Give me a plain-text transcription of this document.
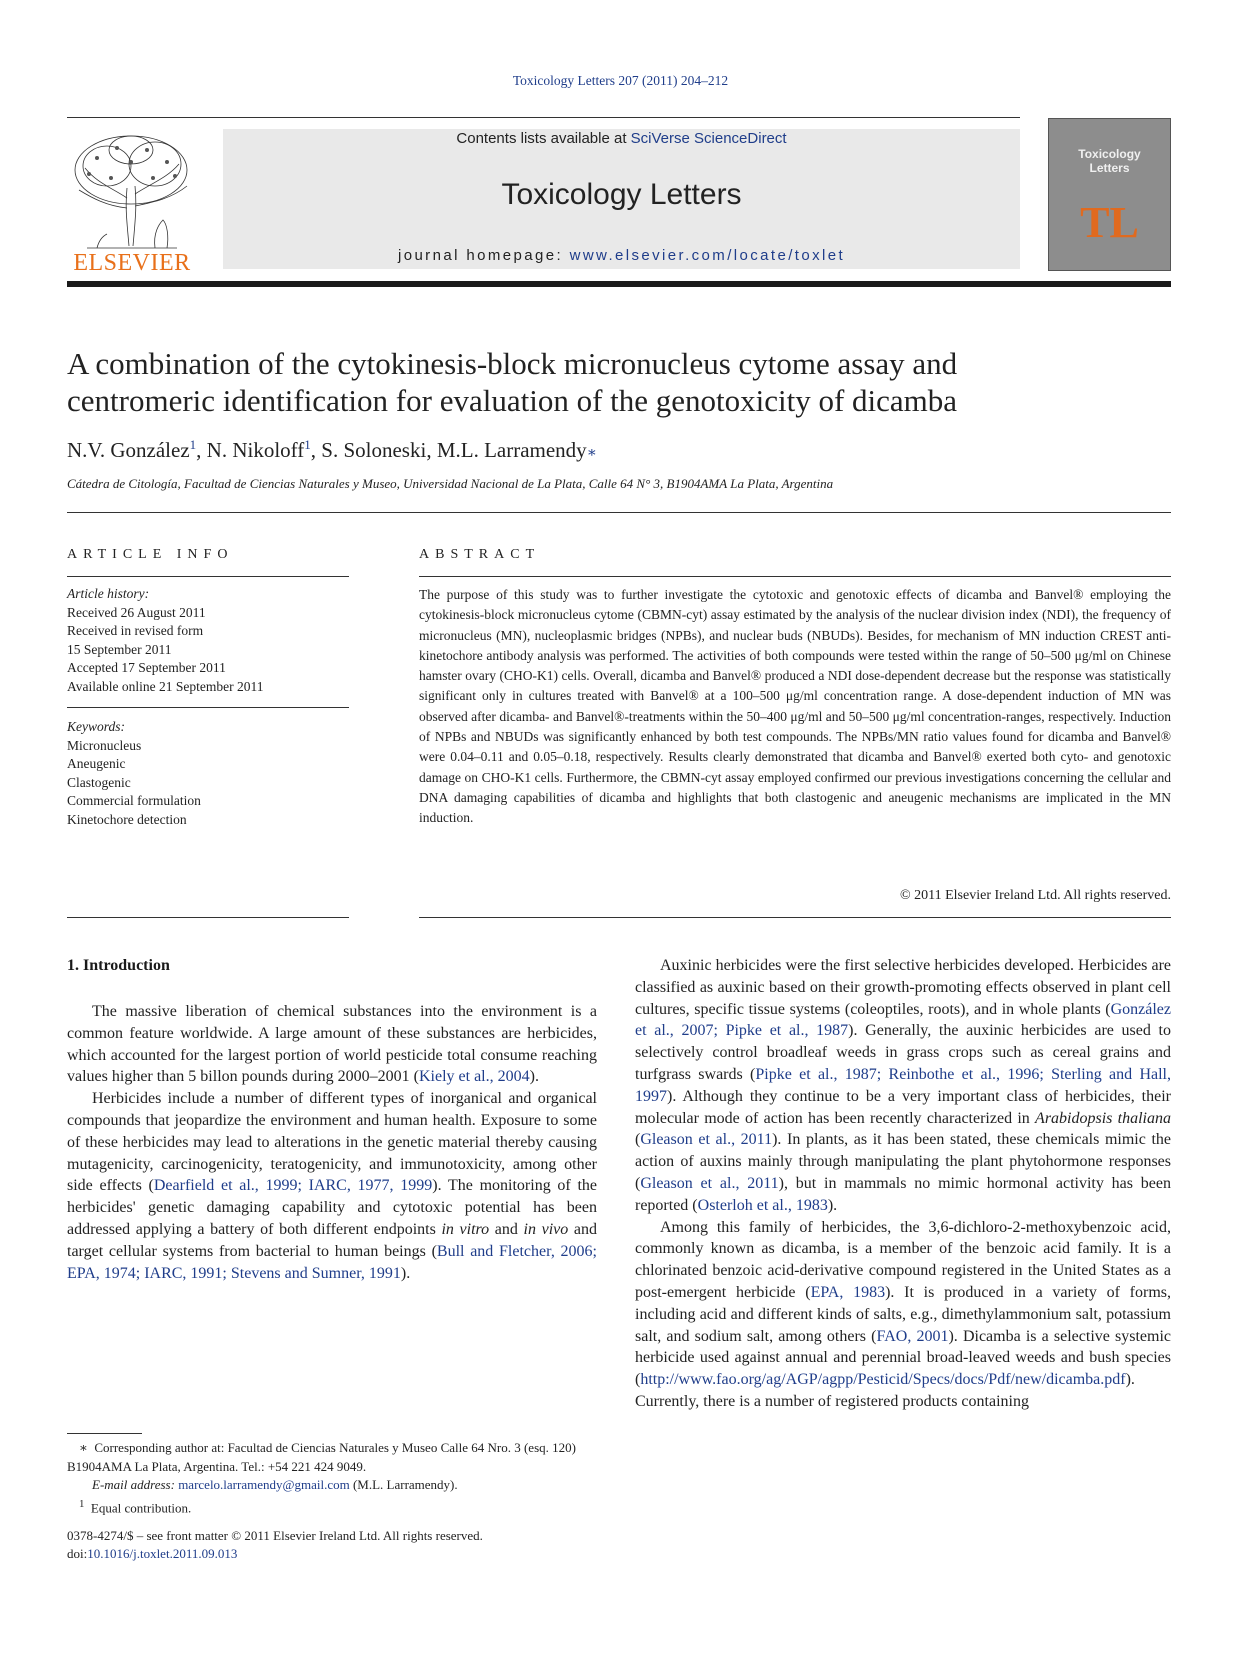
Toxicology Letters 207 (2011) 204–212
ELSEVIER
Contents lists available at SciVerse ScienceDirect
Toxicology Letters
journal homepage: www.elsevier.com/locate/toxlet
Toxicology
Letters
TL
A combination of the cytokinesis-block micronucleus cytome assay and
centromeric identification for evaluation of the genotoxicity of dicamba
N.V. González$^1$, N. Nikoloff$^1$, S. Soloneski, M.L. Larramendy∗
Cátedra de Citología, Facultad de Ciencias Naturales y Museo, Universidad Nacional de La Plata, Calle 64 N° 3, B1904AMA La Plata, Argentina
ARTICLE INFO
Article history:
Received 26 August 2011
Received in revised form
15 September 2011
Accepted 17 September 2011
Available online 21 September 2011
Keywords:
Micronucleus
Aneugenic
Clastogenic
Commercial formulation
Kinetochore detection
ABSTRACT
The purpose of this study was to further investigate the cytotoxic and genotoxic effects of dicamba and Banvel® employing the cytokinesis-block micronucleus cytome (CBMN-cyt) assay estimated by the analysis of the nuclear division index (NDI), the frequency of micronucleus (MN), nucleoplasmic bridges (NPBs), and nuclear buds (NBUDs). Besides, for mechanism of MN induction CREST anti-kinetochore antibody analysis was performed. The activities of both compounds were tested within the range of 50–500 μg/ml on Chinese hamster ovary (CHO-K1) cells. Overall, dicamba and Banvel® produced a NDI dose-dependent decrease but the response was statistically significant only in cultures treated with Banvel® at a 100–500 μg/ml concentration range. A dose-dependent induction of MN was observed after dicamba- and Banvel®-treatments within the 50–400 μg/ml and 50–500 μg/ml concentration-ranges, respectively. Induction of NPBs and NBUDs was significantly enhanced by both test compounds. The NPBs/MN ratio values found for dicamba and Banvel® were 0.04–0.11 and 0.05–0.18, respectively. Results clearly demonstrated that dicamba and Banvel® exerted both cyto- and genotoxic damage on CHO-K1 cells. Furthermore, the CBMN-cyt assay employed confirmed our previous investigations concerning the cellular and DNA damaging capabilities of dicamba and highlights that both clastogenic and aneugenic mechanisms are implicated in the MN induction.
© 2011 Elsevier Ireland Ltd. All rights reserved.
1. Introduction

The massive liberation of chemical substances into the environment is a common feature worldwide. A large amount of these substances are herbicides, which accounted for the largest portion of world pesticide total consume reaching values higher than 5 billon pounds during 2000–2001 (Kiely et al., 2004).

Herbicides include a number of different types of inorganical and organical compounds that jeopardize the environment and human health. Exposure to some of these herbicides may lead to alterations in the genetic material thereby causing mutagenicity, carcinogenicity, teratogenicity, and immunotoxicity, among other side effects (Dearfield et al., 1999; IARC, 1977, 1999). The monitoring of the herbicides' genetic damaging capability and cytotoxic potential has been addressed applying a battery of both different endpoints in vitro and in vivo and target cellular systems from bacterial to human beings (Bull and Fletcher, 2006; EPA, 1974; IARC, 1991; Stevens and Sumner, 1991).

Auxinic herbicides were the first selective herbicides developed. Herbicides are classified as auxinic based on their growth-promoting effects observed in plant cell cultures, specific tissue systems (coleoptiles, roots), and in whole plants (González et al., 2007; Pipke et al., 1987). Generally, the auxinic herbicides are used to selectively control broadleaf weeds in grass crops such as cereal grains and turfgrass swards (Pipke et al., 1987; Reinbothe et al., 1996; Sterling and Hall, 1997). Although they continue to be a very important class of herbicides, their molecular mode of action has been recently characterized in Arabidopsis thaliana (Gleason et al., 2011). In plants, as it has been stated, these chemicals mimic the action of auxins mainly through manipulating the plant phytohormone responses (Gleason et al., 2011), but in mammals no mimic hormonal activity has been reported (Osterloh et al., 1983).

Among this family of herbicides, the 3,6-dichloro-2-methoxybenzoic acid, commonly known as dicamba, is a member of the benzoic acid family. It is a chlorinated benzoic acid-derivative compound registered in the United States as a post-emergent herbicide (EPA, 1983). It is produced in a variety of forms, including acid and different kinds of salts, e.g., dimethylammonium salt, potassium salt, and sodium salt, among others (FAO, 2001). Dicamba is a selective systemic herbicide used against annual and perennial broad-leaved weeds and bush species (http://www.fao.org/ag/AGP/agpp/Pesticid/Specs/docs/Pdf/new/dicamba.pdf). Currently, there is a number of registered products containing

∗ Corresponding author at: Facultad de Ciencias Naturales y Museo Calle 64 Nro. 3 (esq. 120) B1904AMA La Plata, Argentina. Tel.: +54 221 424 9049.
E-mail address: marcelo.larramendy@gmail.com (M.L. Larramendy).
$^1$ Equal contribution.
0378-4274/$ – see front matter © 2011 Elsevier Ireland Ltd. All rights reserved.
doi:10.1016/j.toxlet.2011.09.013
